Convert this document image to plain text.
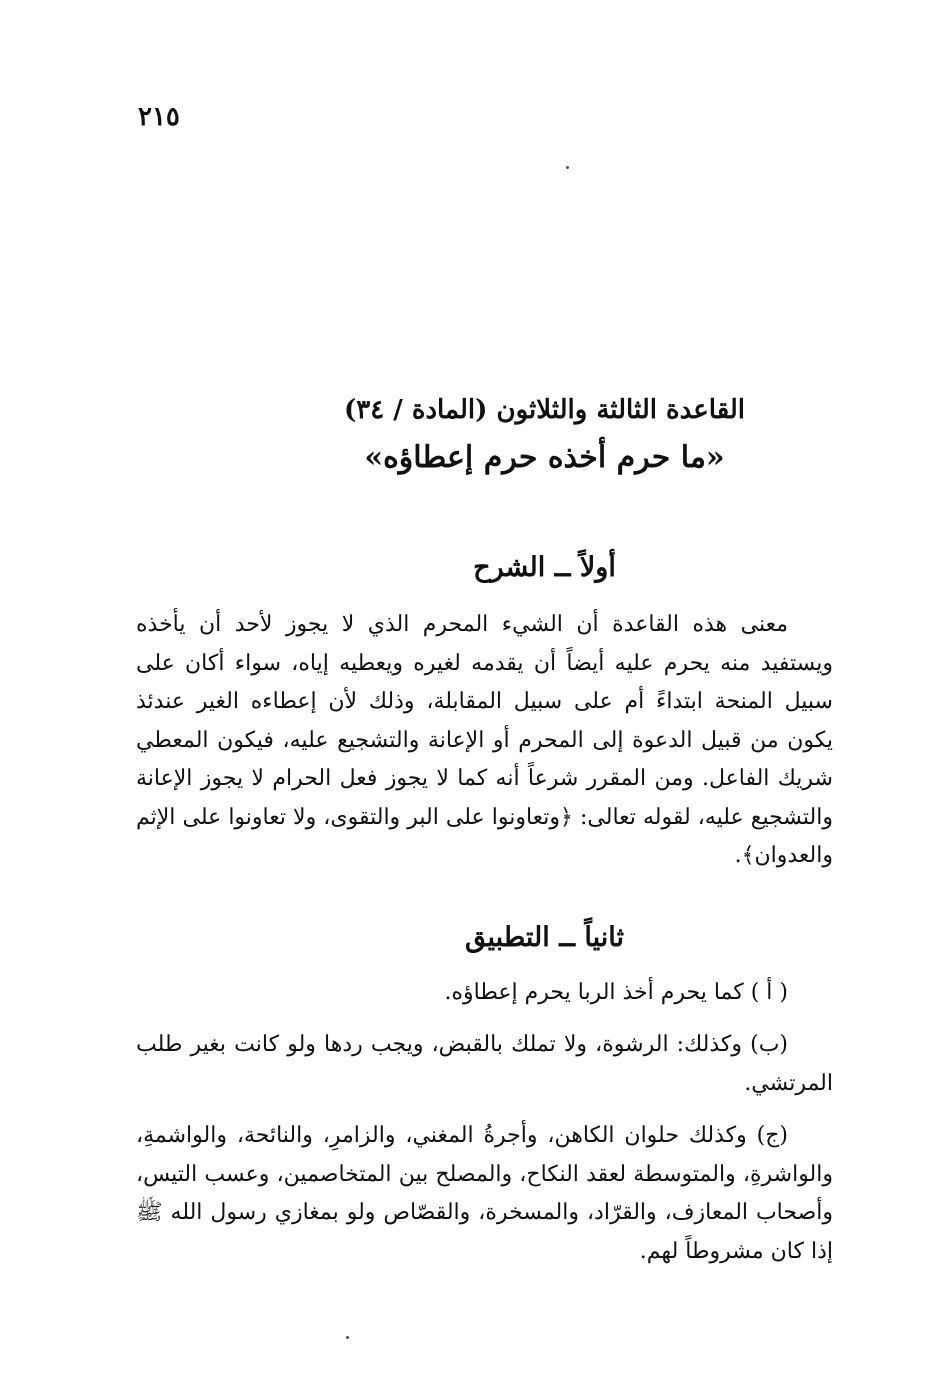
٢١٥

القاعدة الثالثة والثلاثون (المادة / ٣٤)

«ما حرم أخذه حرم إعطاؤه»

أولاً ــ الشرح

معنى هذه القاعدة أن الشيء المحرم الذي لا يجوز لأحد أن يأخذه ويستفيد منه يحرم عليه أيضاً أن يقدمه لغيره ويعطيه إياه، سواء أكان على سبيل المنحة ابتداءً أم على سبيل المقابلة، وذلك لأن إعطاءه الغير عندئذ يكون من قبيل الدعوة إلى المحرم أو الإعانة والتشجيع عليه، فيكون المعطي شريك الفاعل. ومن المقرر شرعاً أنه كما لا يجوز فعل الحرام لا يجوز الإعانة والتشجيع عليه، لقوله تعالى: ﴿وتعاونوا على البر والتقوى، ولا تعاونوا على الإثم والعدوان﴾.

ثانياً ــ التطبيق

( أ ) كما يحرم أخذ الربا يحرم إعطاؤه.

(ب) وكذلك: الرشوة، ولا تملك بالقبض، ويجب ردها ولو كانت بغير طلب المرتشي.

(ج) وكذلك حلوان الكاهن، وأجرةُ المغني، والزامرِ، والنائحة، والواشمةِ، والواشرةِ، والمتوسطة لعقد النكاح، والمصلح بين المتخاصمين، وعسب التيس، وأصحاب المعازف، والقرّاد، والمسخرة، والقصّاص ولو بمغازي رسول الله ﷺ إذا كان مشروطاً لهم.
